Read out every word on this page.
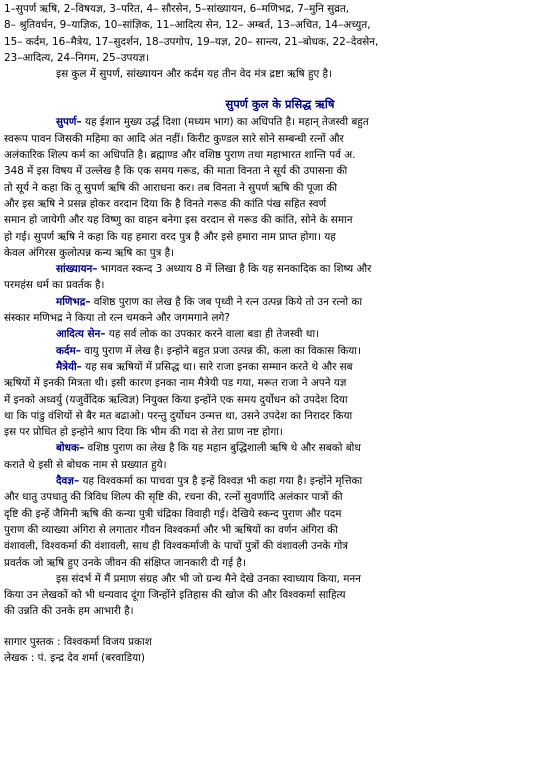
1–सुपर्ण ऋषि, 2–विषयज्ञ, 3–परित, 4– सौरसेन, 5–सांख्यायन, 6–मणिभद्र, 7–मुनि सुव्रत,
8– श्रुतिवर्धन, 9–याज्ञिक, 10–सांज्ञिक, 11–आदित्य सेन, 12– अम्बर्त, 13–अचित, 14–अच्युत,
15– कर्दम, 16–मैत्रेय, 17–सुदर्शन, 18–उपगोप, 19–यज्ञ, 20– सान्त्य, 21–बोधक, 22–देवसेन,
23–आदित्य, 24–निगम, 25–उपयज्ञ।
इस कुल में सुपर्ण, सांख्यायन और कर्दम यह तीन वेद मंत्र द्रष्टा ऋषि हुए है।
सुपर्ण कुल के प्रसिद्ध ऋषि
सुपर्ण– यह ईशान मुख्य उर्द्ध दिशा (मध्यम भाग) का अधिपति है। महान् तेजस्वी बहुत
स्वरूप पावन जिसकी महिमा का आदि अंत नहीं। किरीट कुण्डल सारे सोने सम्बन्धी रत्नों और
अलंकारिक शिल्प कर्म का अधिपति है। ब्रह्माण्ड और वशिष्ठ पुराण तथा महाभारत शान्ति पर्व अ.
348 में इस विषय में उल्लेख है कि एक समय गरूड, की माता विनता ने सूर्य की उपासना की
तो सूर्य ने कहा कि तू सुपर्ण ऋषि की आराधना कर। तब विनता ने सुपर्ण ऋषि की पूजा की
और इस ऋषि ने प्रसन्न होकर वरदान दिया कि है विनते गरूड की कांति पंख सहित स्वर्ण
समान हो जायेगी और यह विष्णु का वाहन बनेगा इस वरदान से गरूड की कांति, सोने के समान
हो गई। सुपर्ण ऋषि ने कहा कि यह हमारा वरद पुत्र है और इसे हमारा नाम प्राप्त होगा। यह
केवल अंगिरस कुलोत्पन्न कन्य ऋषि का पुत्र है।
सांख्यायन– भागवत स्कन्द 3 अध्याय 8 में लिखा है कि यह सनकादिक का शिष्य और
परमहंस धर्म का प्रवर्तक है।
मणिभद्र– वशिष्ठ पुराण का लेख है कि जब पृथ्वी ने रत्न उत्पन्न किये तो उन रत्नो का
संस्कार मणिभद्र ने किया तो रत्न चमकने और जगमगाने लगे?
आदित्य सेन– यह सर्व लोक का उपकार करने वाला बडा ही तेजस्वी था।
कर्दम– वायु पुराण में लेख है। इन्होने बहुत प्रजा उत्पन्न की, कला का विकास किया।
मैत्रेयी– यह सब ऋषियों में प्रसिद्ध था। सारे राजा इनका सम्मान करते थे और सब
ऋषियों में इनकी मित्रता थी। इसी कारण इनका नाम मैत्रेयी पड गया, मरूत राजा ने अपने यज्ञ
में इनको अध्वर्यु (यजुर्वेदिक ऋत्विज्ञ) नियुक्त किया इन्होंने एक समय दुर्योधन को उपदेश दिया
था कि पांडु वंशियों से बैर मत बढाओ। परन्तु दुर्योधन उन्मत्त था, उसने उपदेश का निरादर किया
इस पर प्रोधित हो इन्होने श्राप दिया कि भीम की गदा से तेरा प्राण नष्ट होगा।
बोधक– वशिष्ठ पुराण का लेख है कि यह महान बुद्धिशाली ऋषि थे और सबको बोध
कराते थे इसी से बोधक नाम से प्रख्यात हुये।
दैवज्ञ– यह विश्वकर्मा का पाचवा पुत्र है इन्हें विश्वज्ञ भी कहा गया है। इन्होंने मृत्तिका
और धातु उपधातु की त्रिविध शिल्प की सृष्टि की, रचना की, रत्नों सुवर्णादि अलंकार पात्रों की
दृष्टि की इन्हें जैमिनी ऋषि की कन्या पुत्री चंद्रिका विवाही गई। देखिये स्कन्द पुराण और पदम
पुराण की व्याख्या अंगिरा से लगातार गौवन विश्वकर्मा और भी ऋषियों का वर्णन अंगिरा की
वंशावली, विश्वकर्मा की वंशावली, साथ ही विश्वकर्माजी के पाचों पुत्रों की वंशावली उनके गोत्र
प्रवर्तक जो ऋषि हुए उनके जीवन की संक्षिप्त जानकारी दी गई है।
इस संदर्भ में मैं प्रमाण संग्रह और भी जो ग्रन्थ मैने देखे उनका स्वाध्याय किया, मनन
किया उन लेखकों को भी धन्यवाद दूंगा जिन्होंने इतिहास की खोज की और विश्वकर्मा साहित्य
की उन्नति की उनके हम आभारी है।
सागार पुस्तक : विश्वकर्मा विजय प्रकाश
लेखक : पं. इन्द्र देव शर्मा (बरवाडिया)
